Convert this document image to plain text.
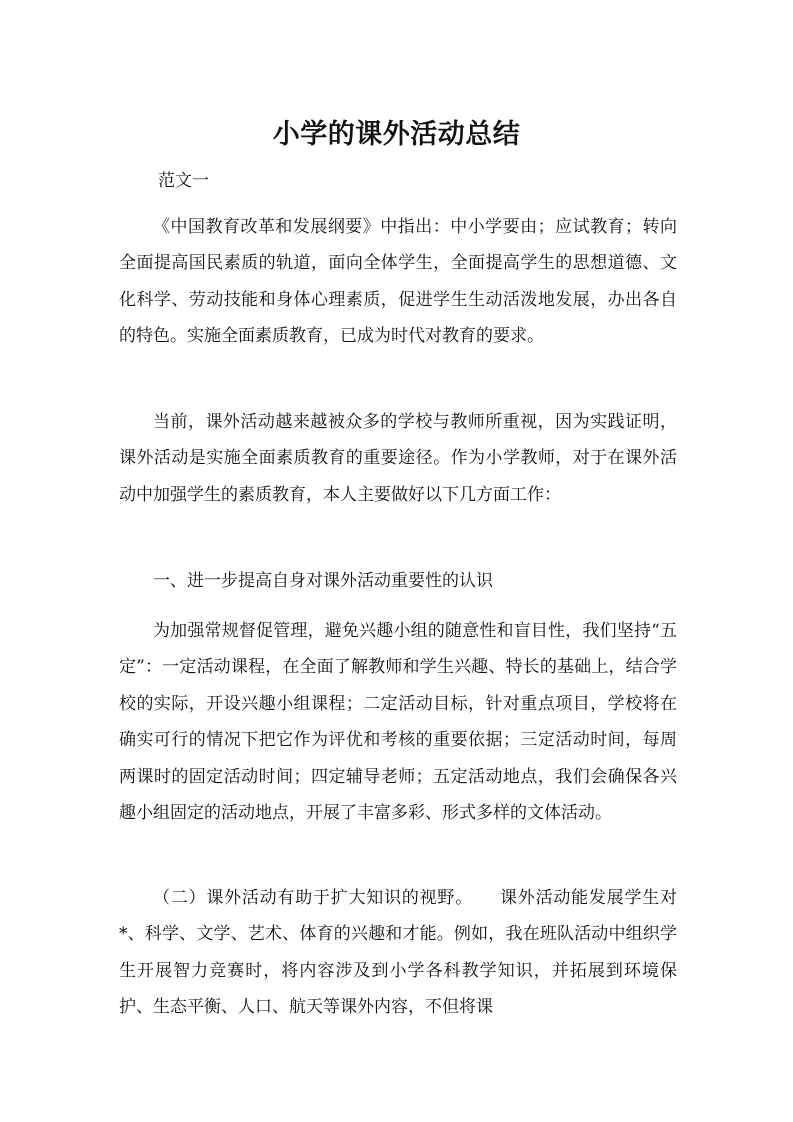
小学的课外活动总结
范文一

《中国教育改革和发展纲要》中指出：中小学要由；应试教育；转向全面提高国民素质的轨道，面向全体学生，全面提高学生的思想道德、文化科学、劳动技能和身体心理素质，促进学生生动活泼地发展，办出各自的特色。实施全面素质教育，已成为时代对教育的要求。

当前，课外活动越来越被众多的学校与教师所重视，因为实践证明，课外活动是实施全面素质教育的重要途径。作为小学教师，对于在课外活动中加强学生的素质教育，本人主要做好以下几方面工作：

一、进一步提高自身对课外活动重要性的认识

为加强常规督促管理，避免兴趣小组的随意性和盲目性，我们坚持“五定”：一定活动课程，在全面了解教师和学生兴趣、特长的基础上，结合学校的实际，开设兴趣小组课程；二定活动目标，针对重点项目，学校将在确实可行的情况下把它作为评优和考核的重要依据；三定活动时间，每周两课时的固定活动时间；四定辅导老师；五定活动地点，我们会确保各兴趣小组固定的活动地点，开展了丰富多彩、形式多样的文体活动。

（二）课外活动有助于扩大知识的视野。　　课外活动能发展学生对*、科学、文学、艺术、体育的兴趣和才能。例如，我在班队活动中组织学生开展智力竞赛时，将内容涉及到小学各科教学知识，并拓展到环境保护、生态平衡、人口、航天等课外内容，不但将课
